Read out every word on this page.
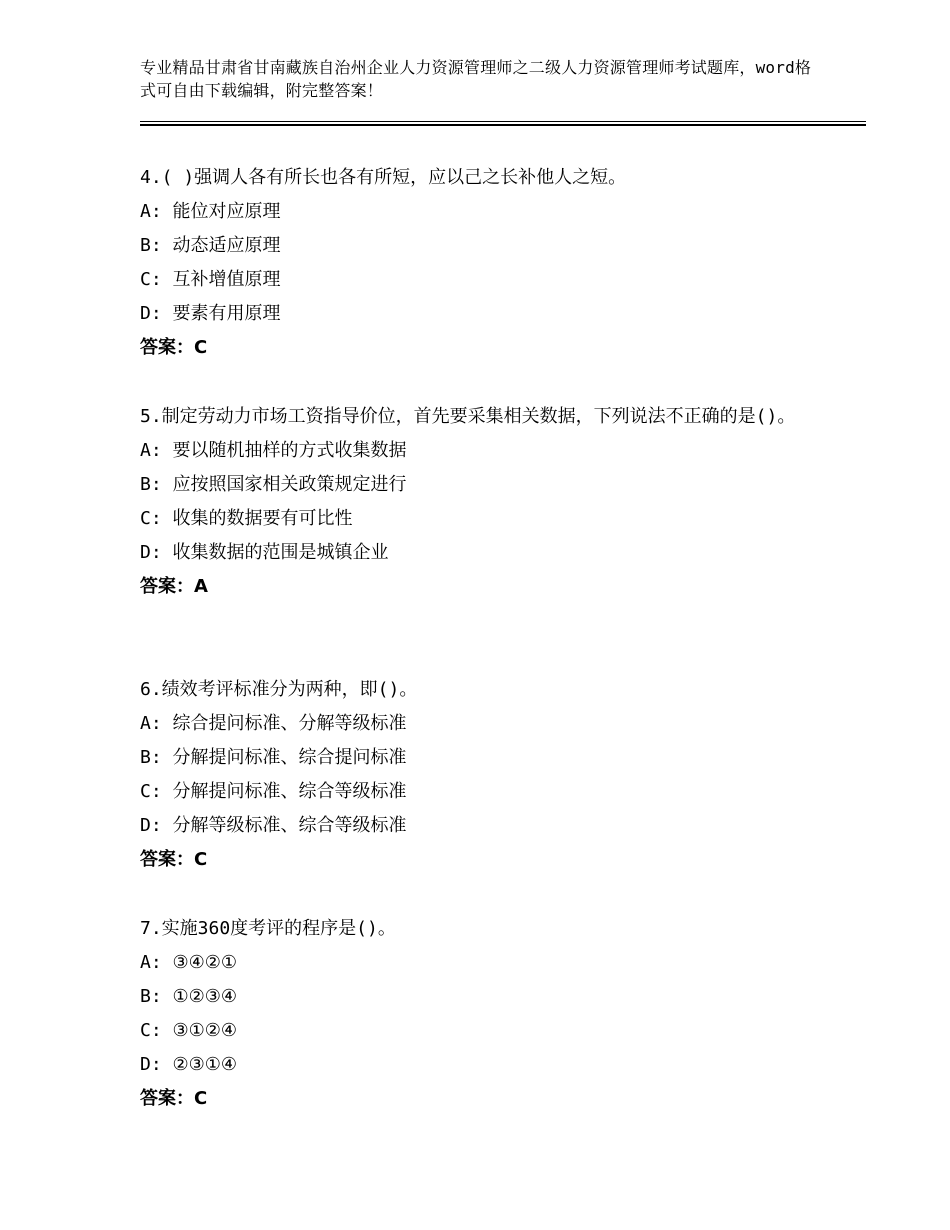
专业精品甘肃省甘南藏族自治州企业人力资源管理师之二级人力资源管理师考试题库，word格式可自由下载编辑，附完整答案！
4.( )强调人各有所长也各有所短，应以己之长补他人之短。
A: 能位对应原理
B: 动态适应原理
C: 互补增值原理
D: 要素有用原理
答案：C
5.制定劳动力市场工资指导价位，首先要采集相关数据，下列说法不正确的是()。
A: 要以随机抽样的方式收集数据
B: 应按照国家相关政策规定进行
C: 收集的数据要有可比性
D: 收集数据的范围是城镇企业
答案：A
6.绩效考评标准分为两种，即()。
A: 综合提问标准、分解等级标准
B: 分解提问标准、综合提问标准
C: 分解提问标准、综合等级标准
D: 分解等级标准、综合等级标准
答案：C
7.实施360度考评的程序是()。
A: ③④②①
B: ①②③④
C: ③①②④
D: ②③①④
答案：C
